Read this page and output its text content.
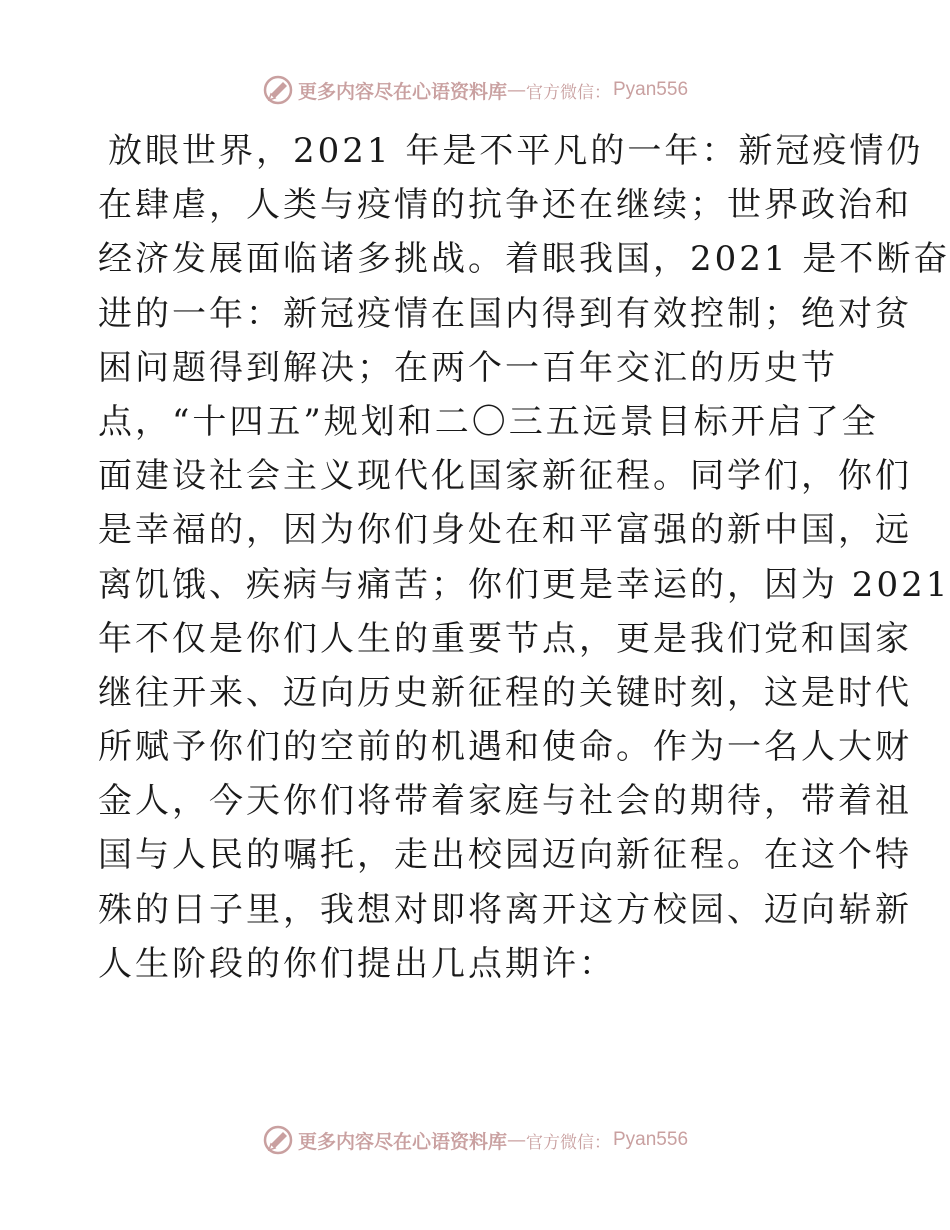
更多内容尽在心语资料库 — 官方微信： Pyan556
放眼世界，2021 年是不平凡的一年：新冠疫情仍
在肆虐，人类与疫情的抗争还在继续；世界政治和
经济发展面临诸多挑战。着眼我国，2021 是不断奋
进的一年：新冠疫情在国内得到有效控制；绝对贫
困问题得到解决；在两个一百年交汇的历史节
点，“十四五”规划和二〇三五远景目标开启了全
面建设社会主义现代化国家新征程。同学们，你们
是幸福的，因为你们身处在和平富强的新中国，远
离饥饿、疾病与痛苦；你们更是幸运的，因为 2021
年不仅是你们人生的重要节点，更是我们党和国家
继往开来、迈向历史新征程的关键时刻，这是时代
所赋予你们的空前的机遇和使命。作为一名人大财
金人，今天你们将带着家庭与社会的期待，带着祖
国与人民的嘱托，走出校园迈向新征程。在这个特
殊的日子里，我想对即将离开这方校园、迈向崭新
人生阶段的你们提出几点期许：
更多内容尽在心语资料库 — 官方微信： Pyan556
